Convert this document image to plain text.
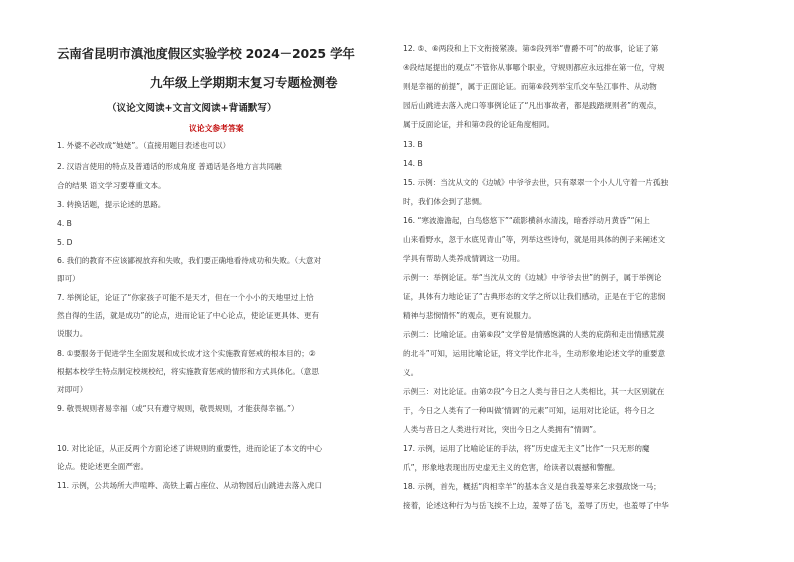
云南省昆明市滇池度假区实验学校 2024－2025 学年
九年级上学期期末复习专题检测卷
（议论文阅读+文言文阅读+背诵默写）
议论文参考答案
1. 外婆不必改成“她姥”。（直接用题目表述也可以）
2. 汉语言使用的特点及普通话的形成角度 普通话是各地方言共同融
合的结果 语文学习要尊重文本。
3. 转换话题，提示论述的思路。
4. B
5. D
6. 我们的教育不应该鄙视放弃和失败，我们要正确地看待成功和失败。（大意对
即可）
7. 举例论证，论证了“你家孩子可能不是天才，但在一个小小的天地里过上恰
然自得的生活，就是成功”的论点，进而论证了中心论点，使论证更具体、更有
说服力。
8. ①要服务于促进学生全面发展和成长成才这个实施教育惩戒的根本目的；②
根据本校学生特点制定校规校纪，将实施教育惩戒的情形和方式具体化。（意思
对即可）
9. 敬畏规则者易幸福（或“只有遵守规则，敬畏规则，才能获得幸福。”）
10. 对比论证，从正反两个方面论述了讲规则的重要性，进而论证了本文的中心
论点。使论述更全面严密。
11. 示例，公共场所大声喧哗、高铁上霸占座位、从动物园后山跳进去落入虎口
12. ⑤、⑥两段和上下文衔接紧凑。第⑤段列举“曹爵不可”的故事，论证了第
④段结尾提出的观点“不管你从事哪个职业，守规则都应永远排在第一位，守规
则是幸福的前提”，属于正面论证。而第⑥段列举宝爪交车坠江事件、从动物
园后山跳进去落入虎口等事例论证了“凡出事故者，都是践踏规则者”的观点，
属于反面论证，并和第⑦段的论证角度相同。
13. B
14. B
15. 示例：当沈从文的《边城》中爷爷去世，只有翠翠一个小人儿守着一片孤独
时，我们体会到了悲惆。
16. “寒波澹澹起，白鸟悠悠下”“疏影横斜水清浅，暗香浮动月黄昏”“闲上
山来看野水，忽于水底见青山”等，列举这些诗句，就是用具体的例子来阐述文
学具有帮助人类养成情调这一功用。
示例一：举例论证。举“当沈从文的《边城》中爷爷去世”的例子，属于举例论
证，具体有力地论证了“古典形态的文学之所以让我们感动，正是在于它的悲悯
精神与悲悯情怀”的观点，更有说服力。
示例二：比喻论证。由第⑥段“文学曾是情感饱满的人类的庇荫和走出情感荒漠
的北斗”可知，运用比喻论证，将文学比作北斗，生动形象地论述文学的重要意
义。
示例三：对比论证。由第⑦段“今日之人类与昔日之人类相比，其一大区别就在
于，今日之人类有了一种叫做‘情调’的元素”可知，运用对比论证，将今日之
人类与昔日之人类进行对比，突出今日之人类拥有“情调”。
17. 示例，运用了比喻论证的手法，将“历史虚无主义”比作“一只无形的魔
爪”，形象地表现出历史虚无主义的危害，给读者以震撼和警醒。
18. 示例，首先，概括“肉相幸羊”的基本含义是自我羞辱来乞求强敌饶一马；
接着，论述这种行为与岳飞挨不上边，羞辱了岳飞，羞辱了历史，也羞辱了中华
